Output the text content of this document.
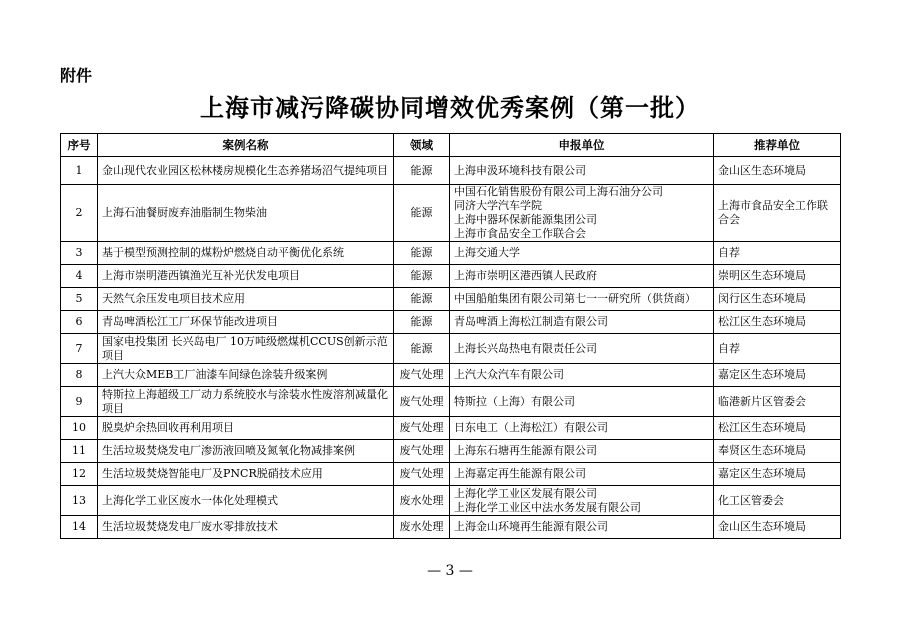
附件
上海市减污降碳协同增效优秀案例（第一批）
序号	案例名称	领域	申报单位	推荐单位
1	金山现代农业园区松林楼房规模化生态养猪场沼气提纯项目	能源	上海申汲环境科技有限公司	金山区生态环境局
2	上海石油餐厨废弃油脂制生物柴油	能源	中国石化销售股份有限公司上海石油分公司
同济大学汽车学院
上海中器环保新能源集团公司
上海市食品安全工作联合会	上海市食品安全工作联合会
3	基于模型预测控制的煤粉炉燃烧自动平衡优化系统	能源	上海交通大学	自荐
4	上海市崇明港西镇渔光互补光伏发电项目	能源	上海市崇明区港西镇人民政府	崇明区生态环境局
5	天然气余压发电项目技术应用	能源	中国船舶集团有限公司第七一一研究所（供货商）	闵行区生态环境局
6	青岛啤酒松江工厂环保节能改进项目	能源	青岛啤酒上海松江制造有限公司	松江区生态环境局
7	国家电投集团 长兴岛电厂 10万吨级燃煤机CCUS创新示范项目	能源	上海长兴岛热电有限责任公司	自荐
8	上汽大众MEB工厂油漆车间绿色涂装升级案例	废气处理	上汽大众汽车有限公司	嘉定区生态环境局
9	特斯拉上海超级工厂动力系统胶水与涂装水性废溶剂减量化项目	废气处理	特斯拉（上海）有限公司	临港新片区管委会
10	脱臭炉余热回收再利用项目	废气处理	日东电工（上海松江）有限公司	松江区生态环境局
11	生活垃圾焚烧发电厂渗沥液回喷及氮氧化物减排案例	废气处理	上海东石塘再生能源有限公司	奉贤区生态环境局
12	生活垃圾焚烧智能电厂及PNCR脱硝技术应用	废气处理	上海嘉定再生能源有限公司	嘉定区生态环境局
13	上海化学工业区废水一体化处理模式	废水处理	上海化学工业区发展有限公司
上海化学工业区中法水务发展有限公司	化工区管委会
14	生活垃圾焚烧发电厂废水零排放技术	废水处理	上海金山环境再生能源有限公司	金山区生态环境局
— 3 —
